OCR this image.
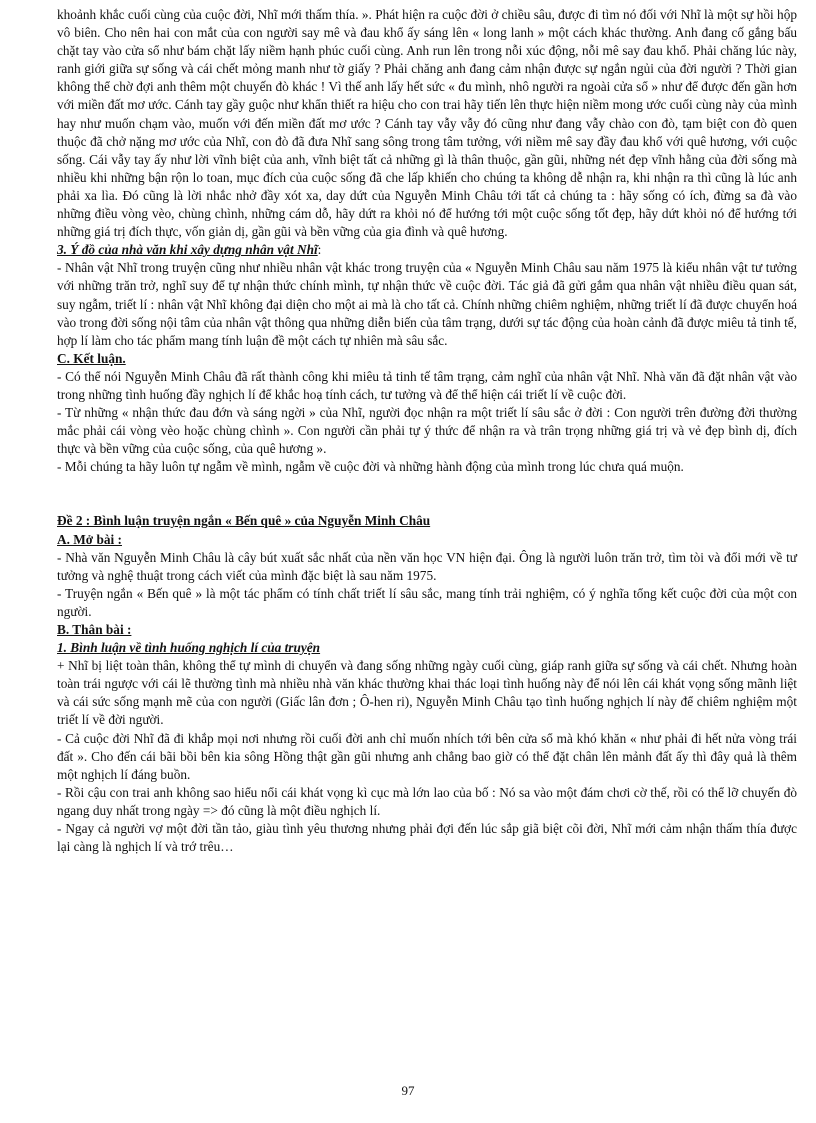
khoảnh khắc cuối cùng của cuộc đời, Nhĩ mới thấm thía. ». Phát hiện ra cuộc đời ở chiều sâu, được đi tìm nó đối với Nhĩ là một sự hồi hộp vô biên. Cho nên hai con mắt của con người say mê và đau khổ ấy sáng lên « long lanh » một cách khác thường. Anh đang cố gắng bấu chặt tay vào cửa sổ như bám chặt lấy niềm hạnh phúc cuối cùng. Anh run lên trong nỗi xúc động, nỗi mê say đau khổ. Phải chăng lúc này, ranh giới giữa sự sống và cái chết mỏng manh như tờ giấy ? Phải chăng anh đang cảm nhận được sự ngắn ngủi của đời người ? Thời gian không thể chờ đợi anh thêm một chuyến đò khác ! Vì thế anh lấy hết sức « đu mình, nhô người ra ngoài cửa sổ » như để được đến gần hơn với miền đất mơ ước. Cánh tay gầy guộc như khẩn thiết ra hiệu cho con trai hãy tiến lên thực hiện niềm mong ước cuối cùng này của mình hay như muốn chạm vào, muốn với đến miền đất mơ ước ? Cánh tay vẫy vẫy đó cũng như đang vẫy chào con đò, tạm biệt con đò quen thuộc đã chở nặng mơ ước của Nhĩ, con đò đã đưa Nhĩ sang sông trong tâm tưởng, với niềm mê say đầy đau khổ với quê hương, với cuộc sống. Cái vẫy tay ấy như lời vĩnh biệt của anh, vĩnh biệt tất cả những gì là thân thuộc, gần gũi, những nét đẹp vĩnh hằng của đời sống mà nhiều khi những bận rộn lo toan, mục đích của cuộc sống đã che lấp khiến cho chúng ta không dễ nhận ra, khi nhận ra thì cũng là lúc anh phải xa lìa. Đó cũng là lời nhắc nhở đầy xót xa, day dứt của Nguyễn Minh Châu tới tất cả chúng ta : hãy sống có ích, đừng sa đà vào những điều vòng vèo, chùng chình, những cám dỗ, hãy dứt ra khỏi nó để hướng tới một cuộc sống tốt đẹp, hãy dứt khỏi nó để hướng tới những giá trị đích thực, vốn giản dị, gần gũi và bền vững của gia đình và quê hương.

3. Ý đồ của nhà văn khi xây dựng nhân vật Nhĩ:

- Nhân vật Nhĩ trong truyện cũng như nhiều nhân vật khác trong truyện của « Nguyễn Minh Châu sau năm 1975 là kiểu nhân vật tư tưởng với những trăn trở, nghĩ suy để tự nhận thức chính mình, tự nhận thức về cuộc đời. Tác giả đã gửi gắm qua nhân vật nhiều điều quan sát, suy ngẫm, triết lí : nhân vật Nhĩ không đại diện cho một ai mà là cho tất cả. Chính những chiêm nghiệm, những triết lí đã được chuyển hoá vào trong đời sống nội tâm của nhân vật thông qua những diễn biến của tâm trạng, dưới sự tác động của hoàn cảnh đã được miêu tả tinh tế, hợp lí làm cho tác phẩm mang tính luận đề một cách tự nhiên mà sâu sắc.

C. Kết luận.

- Có thể nói Nguyễn Minh Châu đã rất thành công khi miêu tả tinh tế tâm trạng, cảm nghĩ của nhân vật Nhĩ. Nhà văn đã đặt nhân vật vào trong những tình huống đầy nghịch lí để khắc hoạ tính cách, tư tưởng và để thể hiện cái triết lí về cuộc đời.

- Từ những « nhận thức đau đớn và sáng ngời » của Nhĩ, người đọc nhận ra một triết lí sâu sắc ở đời : Con người trên đường đời thường mắc phải cái vòng vèo hoặc chùng chình ». Con người cần phải tự ý thức để nhận ra và trân trọng những giá trị và vẻ đẹp bình dị, đích thực và bền vững của cuộc sống, của quê hương ».

- Mỗi chúng ta hãy luôn tự ngẫm về mình, ngẫm về cuộc đời và những hành động của mình trong lúc chưa quá muộn.

Đề 2 : Bình luận truyện ngắn « Bến quê » của Nguyễn Minh Châu

A. Mở bài :

- Nhà văn Nguyễn Minh Châu là cây bút xuất sắc nhất của nền văn học VN hiện đại. Ông là người luôn trăn trở, tìm tòi và đổi mới về tư tưởng và nghệ thuật trong cách viết của mình đặc biệt là sau năm 1975.

- Truyện ngắn « Bến quê » là một tác phẩm có tính chất triết lí sâu sắc, mang tính trải nghiệm, có ý nghĩa tổng kết cuộc đời của một con người.

B. Thân bài :

1. Bình luận về tình huống nghịch lí của truyện

+ Nhĩ bị liệt toàn thân, không thể tự mình di chuyển và đang sống những ngày cuối cùng, giáp ranh giữa sự sống và cái chết. Nhưng hoàn toàn trái ngược với cái lẽ thường tình mà nhiều nhà văn khác thường khai thác loại tình huống này để nói lên cái khát vọng sống mãnh liệt và cái sức sống mạnh mẽ của con người (Giấc lân đơn ; Ô-hen ri), Nguyễn Minh Châu tạo tình huống nghịch lí này để chiêm nghiệm một triết lí về đời người.

- Cả cuộc đời Nhĩ đã đi khắp mọi nơi nhưng rồi cuối đời anh chỉ muốn nhích tới bên cửa sổ mà khó khăn « như phải đi hết nửa vòng trái đất ». Cho đến cái bãi bồi bên kia sông Hồng thật gần gũi nhưng anh chẳng bao giờ có thể đặt chân lên mảnh đất ấy thì đây quả là thêm một nghịch lí đáng buồn.

- Rồi cậu con trai anh không sao hiểu nổi cái khát vọng kì cục mà lớn lao của bố : Nó sa vào một đám chơi cờ thế, rồi có thể lỡ chuyến đò ngang duy nhất trong ngày => đó cũng là một điều nghịch lí.

- Ngay cả người vợ một đời tần tảo, giàu tình yêu thương nhưng phải đợi đến lúc sắp giã biệt cõi đời, Nhĩ mới cảm nhận thấm thía được lại càng là nghịch lí và trớ trêu…

97
